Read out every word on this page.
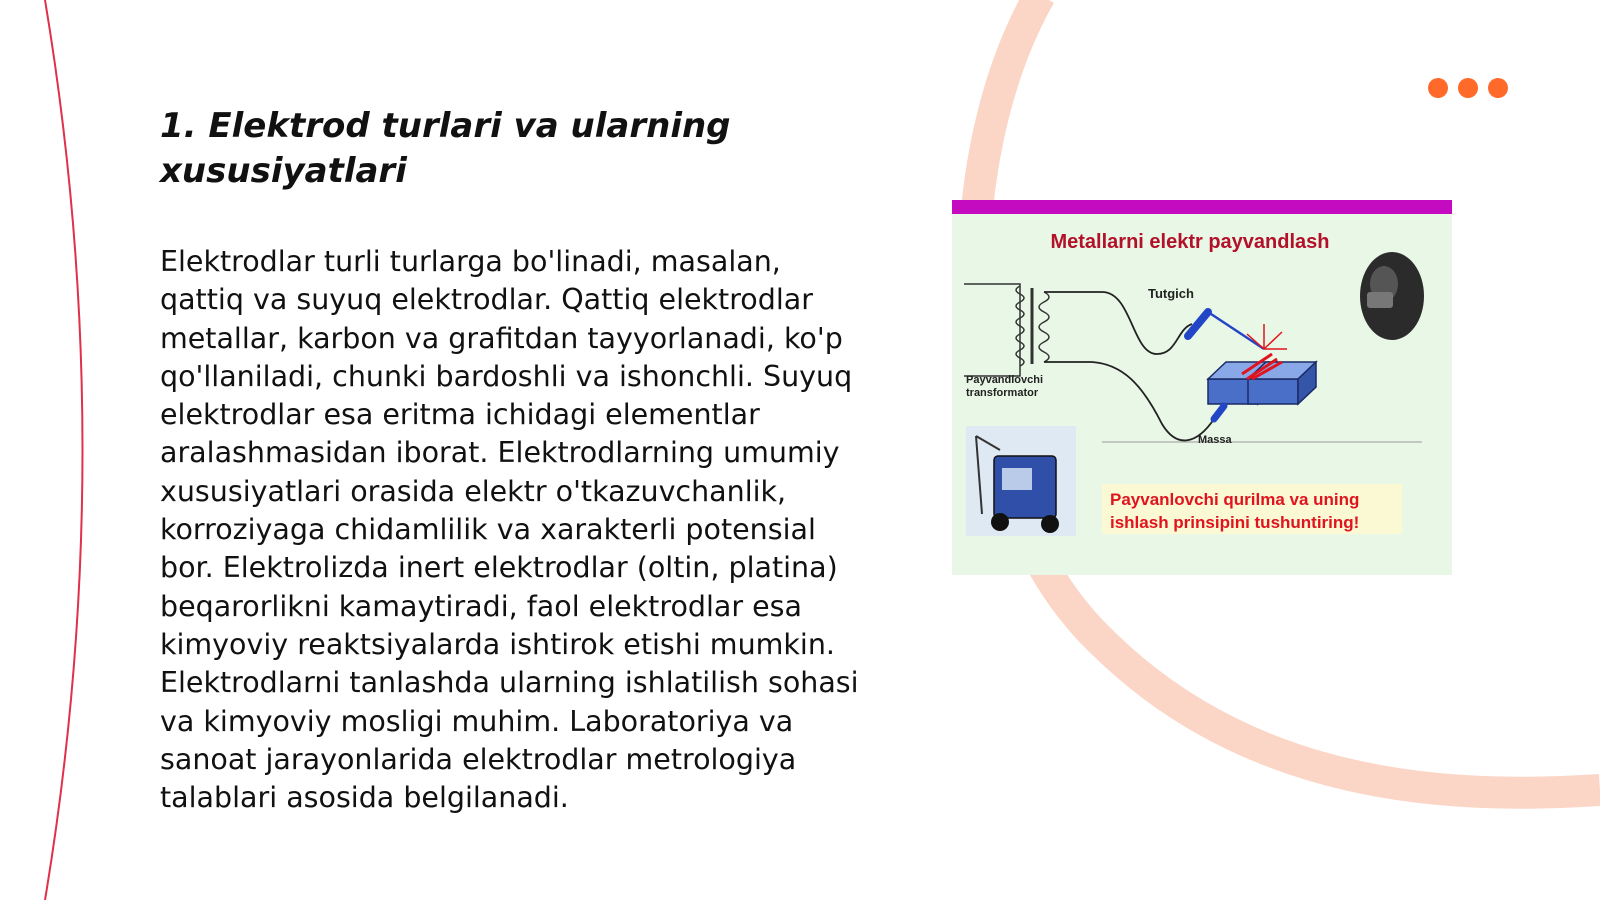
1. Elektrod turlari va ularning xususiyatlari

Elektrodlar turli turlarga bo'linadi, masalan, qattiq va suyuq elektrodlar. Qattiq elektrodlar metallar, karbon va grafitdan tayyorlanadi, ko'p qo'llaniladi, chunki bardoshli va ishonchli. Suyuq elektrodlar esa eritma ichidagi elementlar aralashmasidan iborat. Elektrodlarning umumiy xususiyatlari orasida elektr o'tkazuvchanlik, korroziyaga chidamlilik va xarakterli potensial bor. Elektrolizda inert elektrodlar (oltin, platina) beqarorlikni kamaytiradi, faol elektrodlar esa kimyoviy reaktsiyalarda ishtirok etishi mumkin. Elektrodlarni tanlashda ularning ishlatilish sohasi va kimyoviy mosligi muhim. Laboratoriya va sanoat jarayonlarida elektrodlar metrologiya talablari asosida belgilanadi.

Metallarni elektr payvandlash
Tutgich
Payvandlovchi transformator
Massa
Payvanlovchi qurilma va uning ishlash prinsipini tushuntiring!
